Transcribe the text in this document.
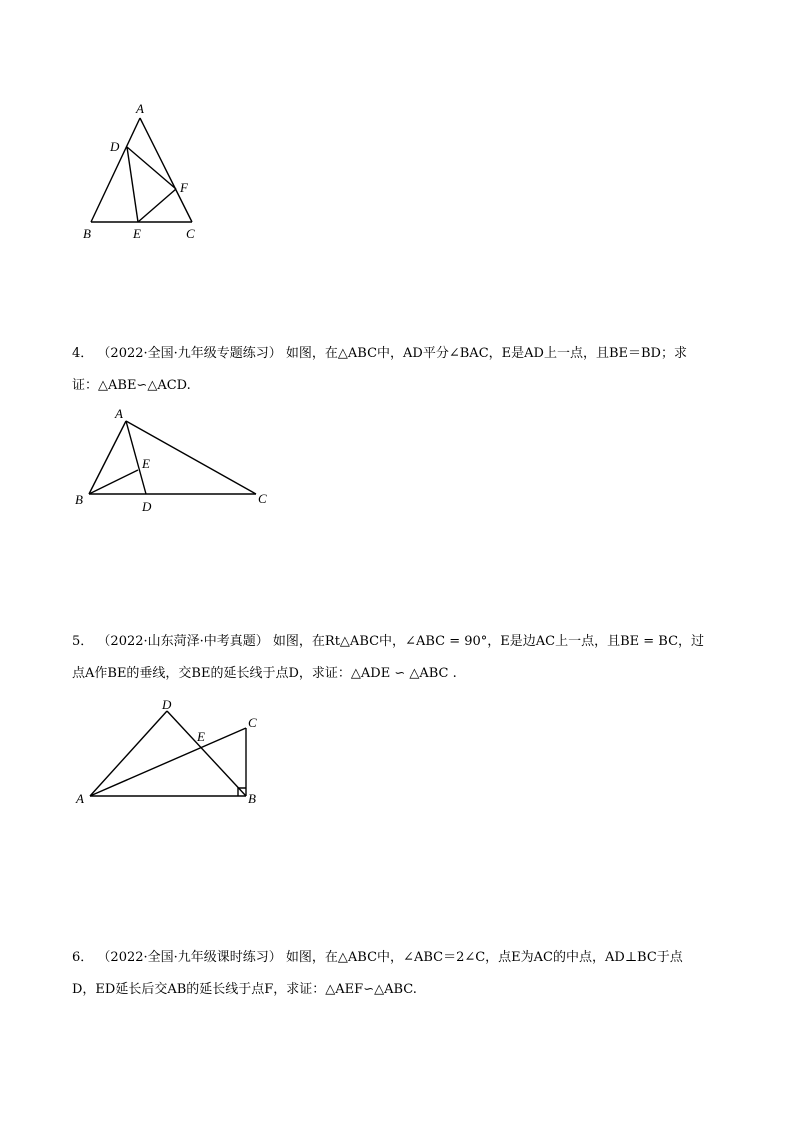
A
D
F
B	E	C

4． （2022·全国·九年级专题练习） 如图，在△ABC中，AD平分∠BAC，E是AD上一点，且BE＝BD；求

证：△ABE∽△ACD.

A
E
B	D
C

5． （2022·山东菏泽·中考真题） 如图，在Rt△ABC中，∠ABC = 90°，E是边AC上一点，且BE = BC，过

点A作BE的垂线，交BE的延长线于点D，求证：△ADE ∽ △ABC .

D
C
E
A	B

6． （2022·全国·九年级课时练习） 如图，在△ABC中，∠ABC＝2∠C，点E为AC的中点，AD⊥BC于点

D，ED延长后交AB的延长线于点F，求证：△AEF∽△ABC.
